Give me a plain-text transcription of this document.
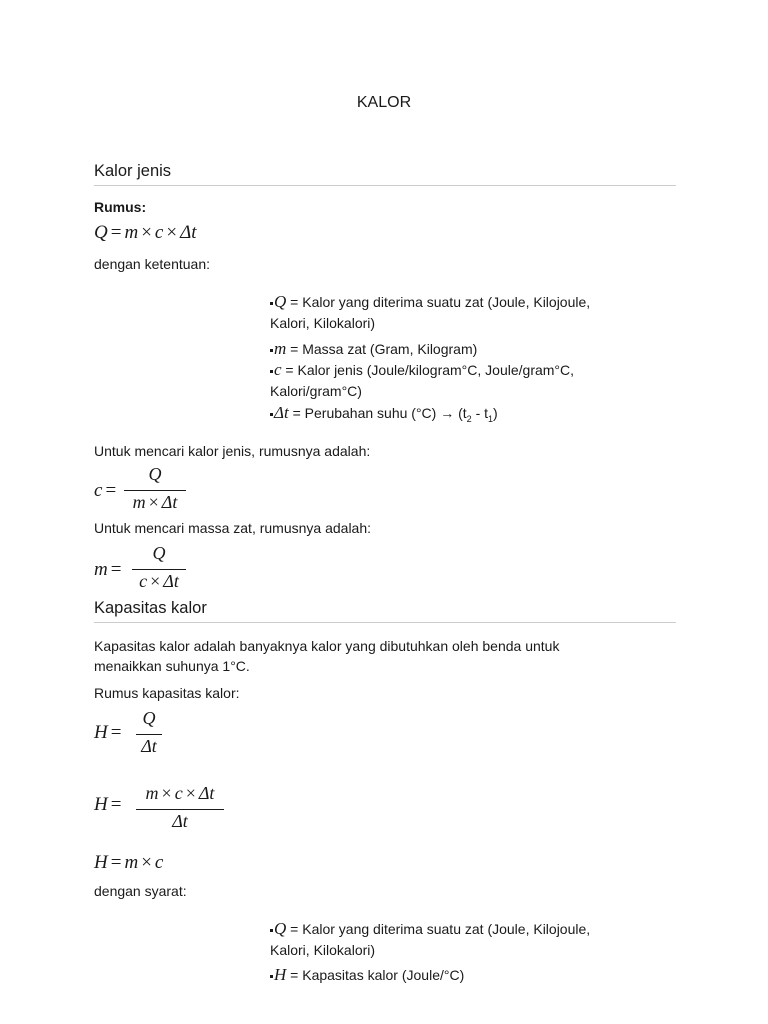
KALOR
Kalor jenis
Rumus:
Q = m × c × Δt
dengan ketentuan:
Q = Kalor yang diterima suatu zat (Joule, Kilojoule,
Kalori, Kilokalori)
m = Massa zat (Gram, Kilogram)
c = Kalor jenis (Joule/kilogram°C, Joule/gram°C,
Kalori/gram°C)
Δt = Perubahan suhu $(^\circ C) \to (t_2 - t_1)$
Untuk mencari kalor jenis, rumusnya adalah:
c =
Q
m × Δt
Untuk mencari massa zat, rumusnya adalah:
m =
Q
c × Δt
Kapasitas kalor
Kapasitas kalor adalah banyaknya kalor yang dibutuhkan oleh benda untuk
menaikkan suhunya 1°C.
Rumus kapasitas kalor:
H =
Q
Δt
H =
m × c × Δt
Δt
H = m × c
dengan syarat:
Q = Kalor yang diterima suatu zat (Joule, Kilojoule,
Kalori, Kilokalori)
H = Kapasitas kalor (Joule/°C)
